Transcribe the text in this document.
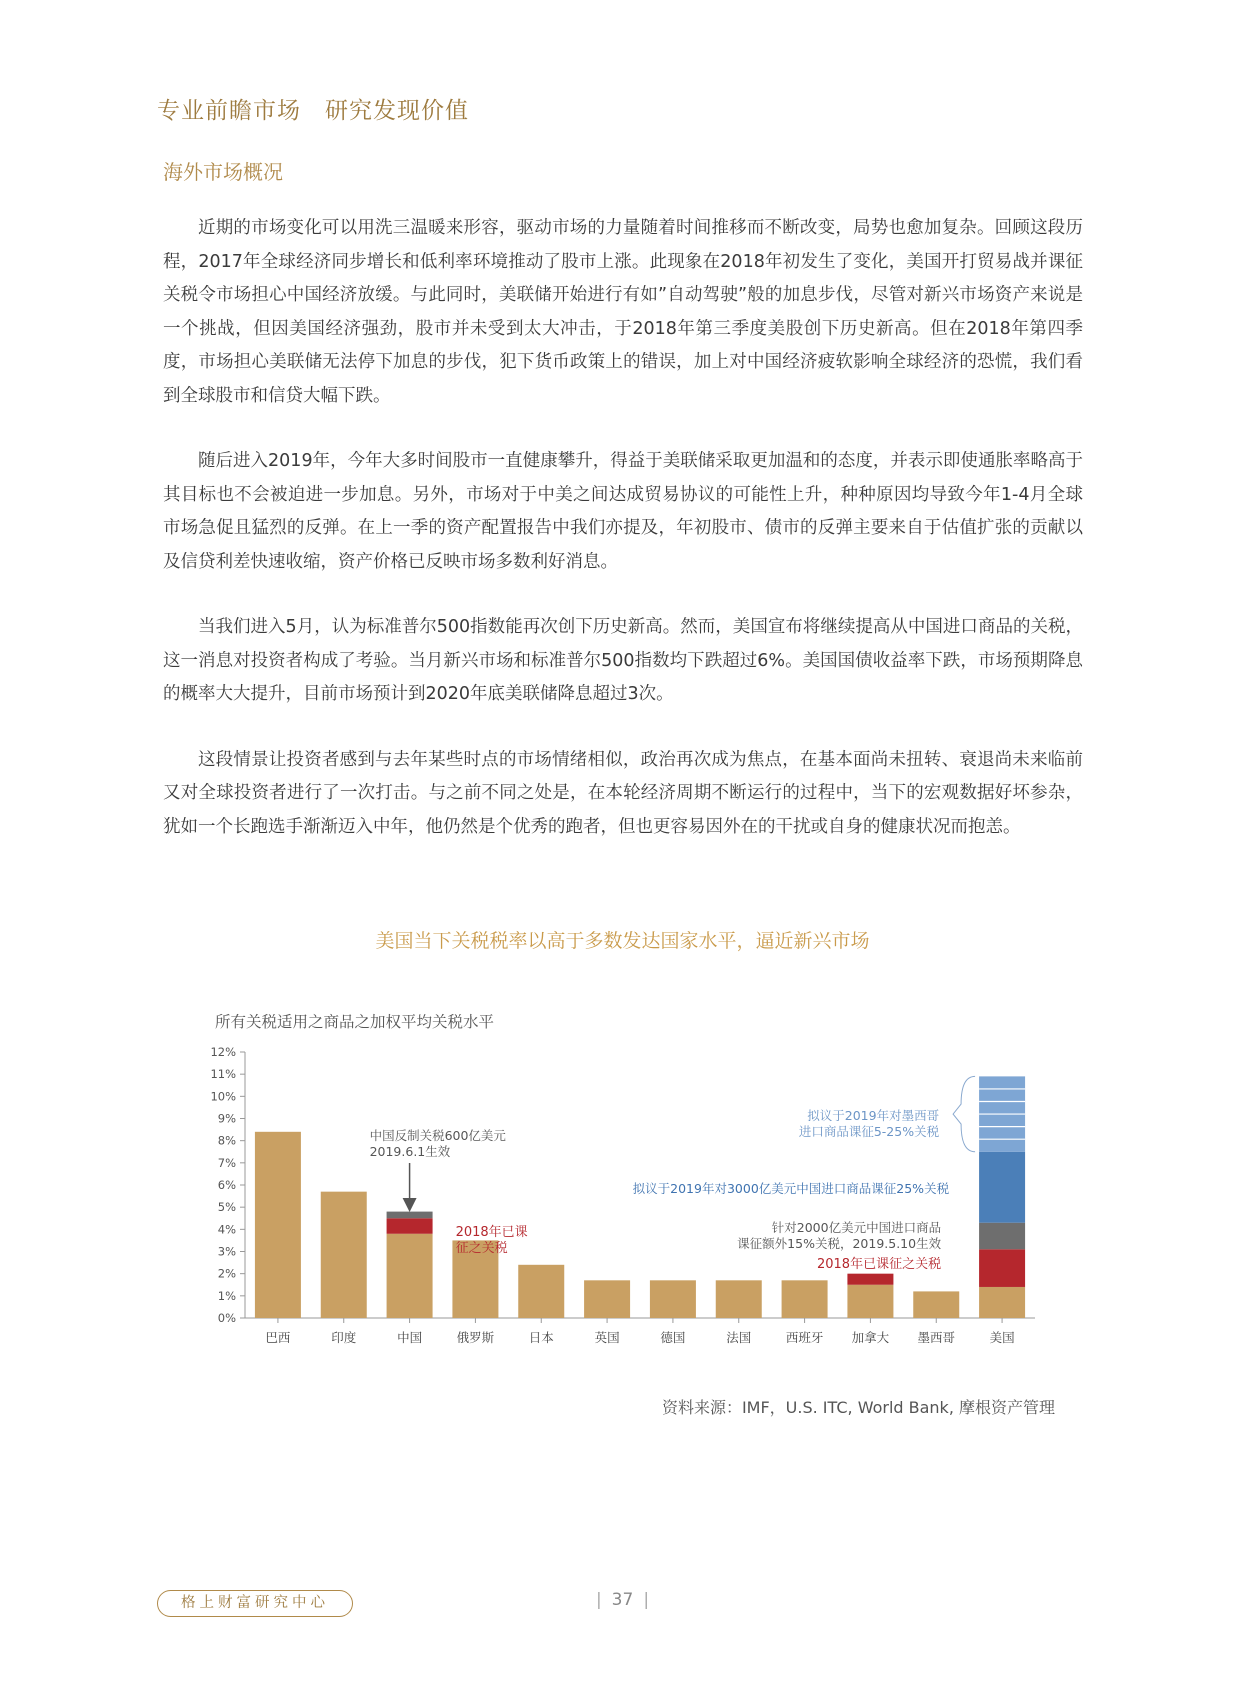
专业前瞻市场 研究发现价值
海外市场概况

近期的市场变化可以用洗三温暖来形容，驱动市场的力量随着时间推移而不断改变，局势也愈加复杂。回顾这段历程，2017年全球经济同步增长和低利率环境推动了股市上涨。此现象在2018年初发生了变化，美国开打贸易战并课征关税令市场担心中国经济放缓。与此同时，美联储开始进行有如”自动驾驶”般的加息步伐，尽管对新兴市场资产来说是一个挑战，但因美国经济强劲，股市并未受到太大冲击，于2018年第三季度美股创下历史新高。但在2018年第四季度，市场担心美联储无法停下加息的步伐，犯下货币政策上的错误，加上对中国经济疲软影响全球经济的恐慌，我们看到全球股市和信贷大幅下跌。

随后进入2019年，今年大多时间股市一直健康攀升，得益于美联储采取更加温和的态度，并表示即使通胀率略高于其目标也不会被迫进一步加息。另外，市场对于中美之间达成贸易协议的可能性上升，种种原因均导致今年1-4月全球市场急促且猛烈的反弹。在上一季的资产配置报告中我们亦提及，年初股市、债市的反弹主要来自于估值扩张的贡献以及信贷利差快速收缩，资产价格已反映市场多数利好消息。

当我们进入5月，认为标准普尔500指数能再次创下历史新高。然而，美国宣布将继续提高从中国进口商品的关税，这一消息对投资者构成了考验。当月新兴市场和标准普尔500指数均下跌超过6%。美国国债收益率下跌，市场预期降息的概率大大提升，目前市场预计到2020年底美联储降息超过3次。

这段情景让投资者感到与去年某些时点的市场情绪相似，政治再次成为焦点，在基本面尚未扭转、衰退尚未来临前又对全球投资者进行了一次打击。与之前不同之处是，在本轮经济周期不断运行的过程中，当下的宏观数据好坏参杂，犹如一个长跑选手渐渐迈入中年，他仍然是个优秀的跑者，但也更容易因外在的干扰或自身的健康状况而抱恙。

美国当下关税税率以高于多数发达国家水平，逼近新兴市场
所有关税适用之商品之加权平均关税水平
0%
1%
2%
3%
4%
5%
6%
7%
8%
9%
10%
11%
12%
巴西	印度	中国	俄罗斯	日本	英国	德国	法国	西班牙 加拿大 墨西哥	美国
中国反制关税600亿美元
2019.6.1生效
2018年已课
征之关税
拟议于2019年对墨西哥
进口商品课征5-25%关税
拟议于2019年对3000亿美元中国进口商品课征25%关税
针对2000亿美元中国进口商品
课征额外15%关税，2019.5.10生效
2018年已课征之关税
资料来源：IMF，U.S. ITC, World Bank, 摩根资产管理
格上财富研究中心	| 37 |
